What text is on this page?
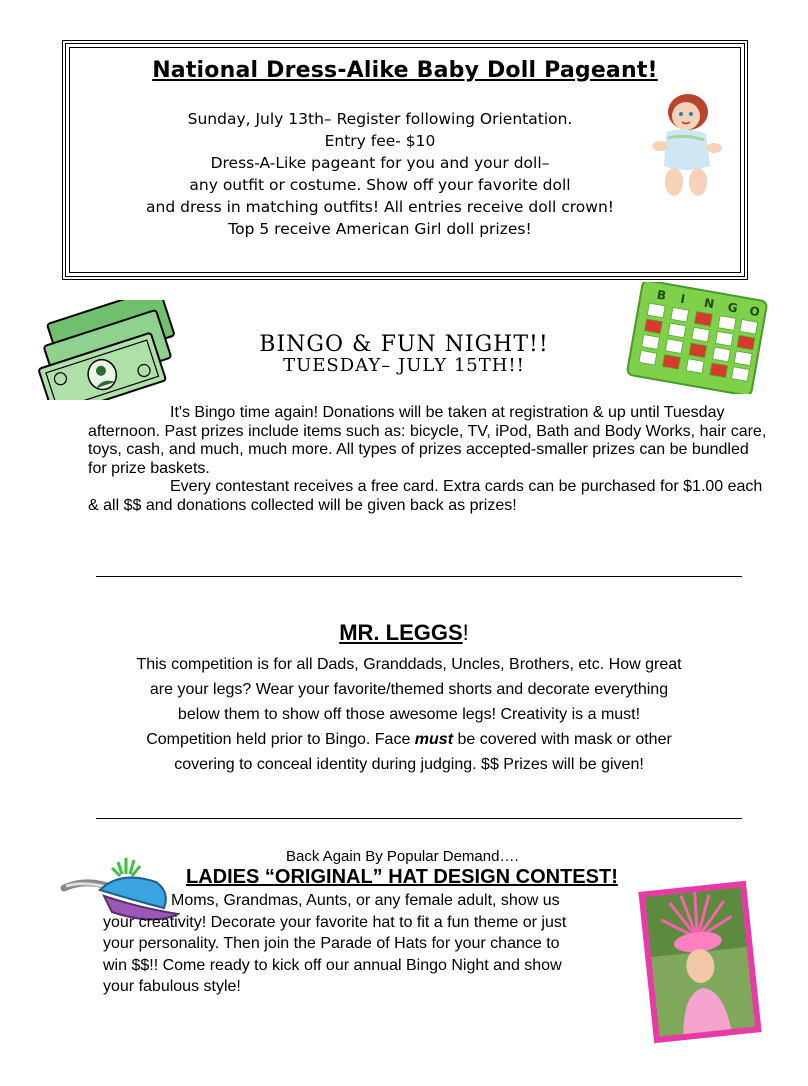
National Dress-Alike Baby Doll Pageant!
Sunday, July 13th– Register following Orientation.
Entry fee- $10
Dress-A-Like pageant for you and your doll–
any outfit or costume. Show off your favorite doll
and dress in matching outfits! All entries receive doll crown!
Top 5 receive American Girl doll prizes!
BINGO & FUN NIGHT!!
TUESDAY– JULY 15TH!!
B I N G O

It's Bingo time again! Donations will be taken at registration & up until Tuesday afternoon. Past prizes include items such as: bicycle, TV, iPod, Bath and Body Works, hair care, toys, cash, and much, much more. All types of prizes accepted-smaller prizes can be bundled for prize baskets.

Every contestant receives a free card. Extra cards can be purchased for $1.00 each & all $$ and donations collected will be given back as prizes!

MR. LEGGS!
This competition is for all Dads, Granddads, Uncles, Brothers, etc. How great
are your legs? Wear your favorite/themed shorts and decorate everything
below them to show off those awesome legs! Creativity is a must!
Competition held prior to Bingo. Face must be covered with mask or other
covering to conceal identity during judging. $$ Prizes will be given!
Back Again By Popular Demand….
LADIES “ORIGINAL” HAT DESIGN CONTEST!
Moms, Grandmas, Aunts, or any female adult, show us
your creativity! Decorate your favorite hat to fit a fun theme or just
your personality. Then join the Parade of Hats for your chance to
win $$!! Come ready to kick off our annual Bingo Night and show
your fabulous style!
